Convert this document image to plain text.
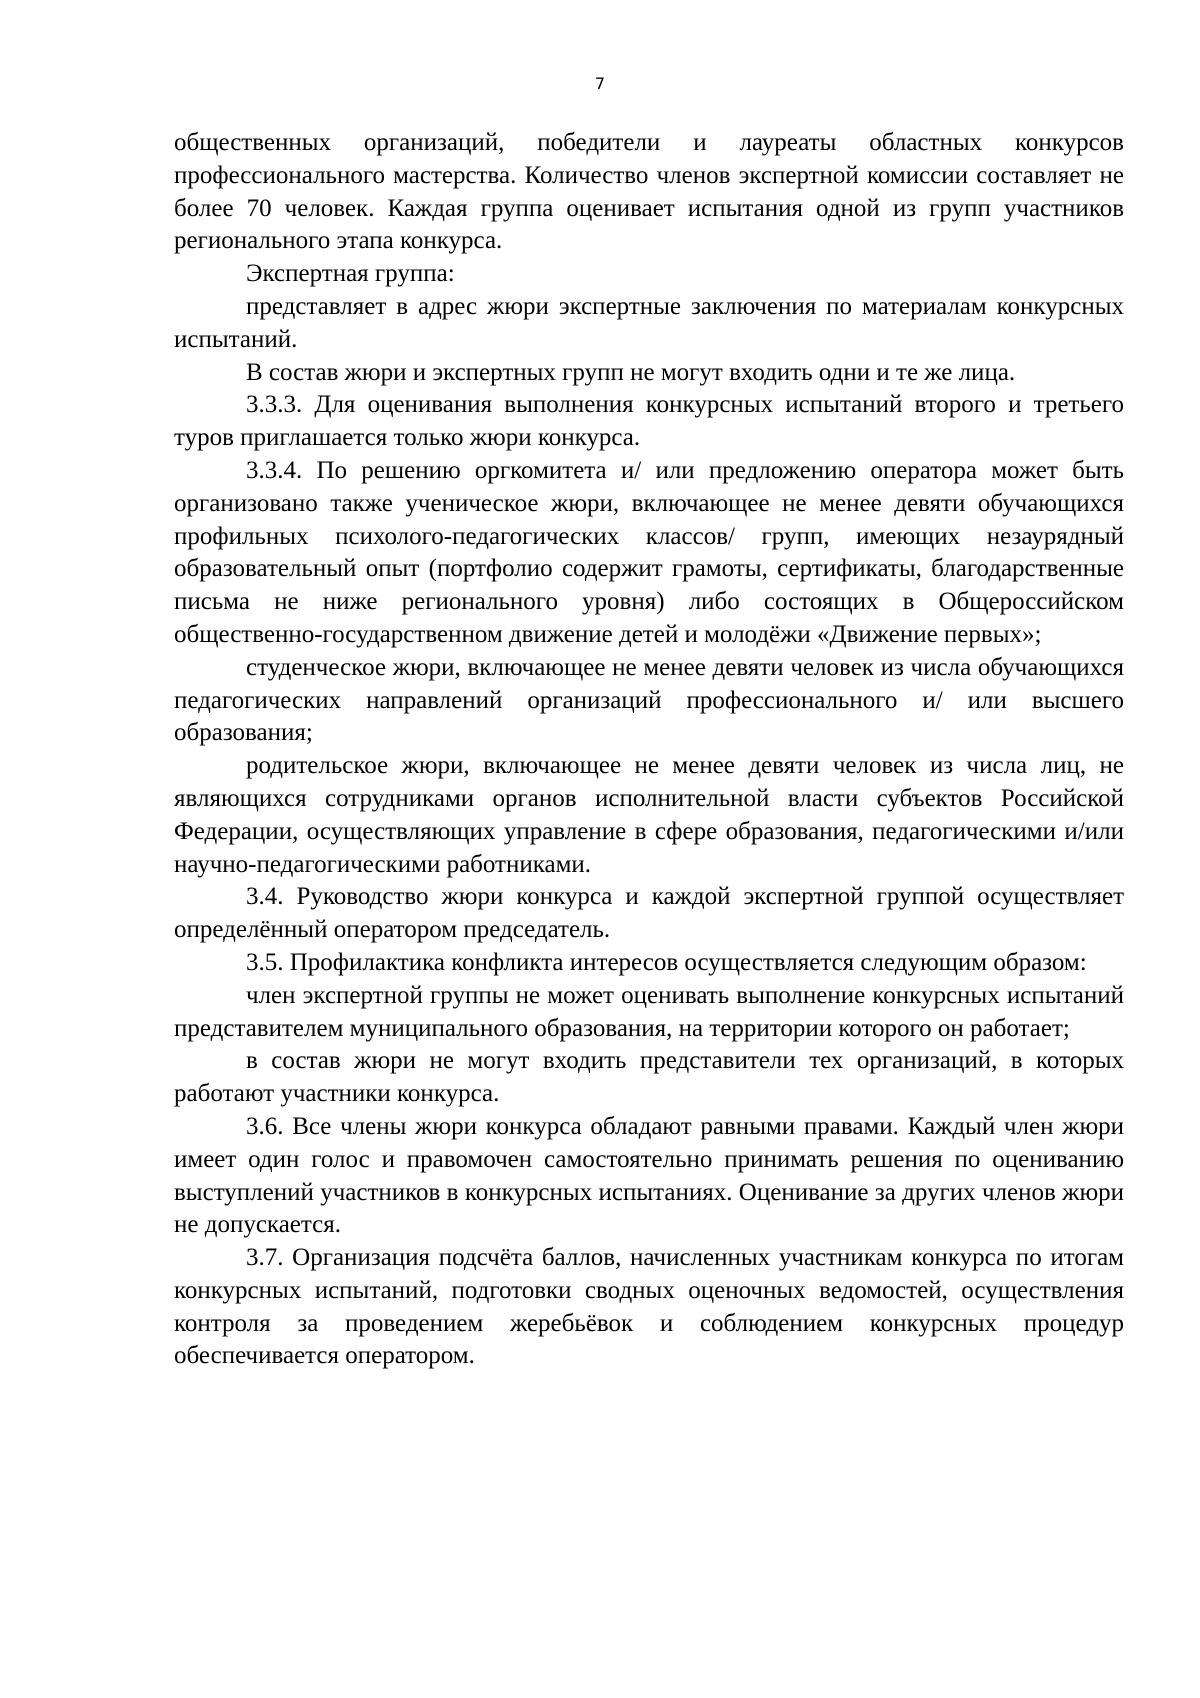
7

общественных организаций, победители и лауреаты областных конкурсов профессионального мастерства. Количество членов экспертной комиссии составляет не более 70 человек. Каждая группа оценивает испытания одной из групп участников регионального этапа конкурса.

Экспертная группа:

представляет в адрес жюри экспертные заключения по материалам конкурсных испытаний.

В состав жюри и экспертных групп не могут входить одни и те же лица.

3.3.3. Для оценивания выполнения конкурсных испытаний второго и третьего туров приглашается только жюри конкурса.

3.3.4. По решению оргкомитета и/ или предложению оператора может быть организовано также ученическое жюри, включающее не менее девяти обучающихся профильных психолого-педагогических классов/ групп, имеющих незаурядный образовательный опыт (портфолио содержит грамоты, сертификаты, благодарственные письма не ниже регионального уровня) либо состоящих в Общероссийском общественно-государственном движение детей и молодёжи «Движение первых»;

студенческое жюри, включающее не менее девяти человек из числа обучающихся педагогических направлений организаций профессионального и/ или высшего образования;

родительское жюри, включающее не менее девяти человек из числа лиц, не являющихся сотрудниками органов исполнительной власти субъектов Российской Федерации, осуществляющих управление в сфере образования, педагогическими и/или научно-педагогическими работниками.

3.4. Руководство жюри конкурса и каждой экспертной группой осуществляет определённый оператором председатель.

3.5. Профилактика конфликта интересов осуществляется следующим образом:

член экспертной группы не может оценивать выполнение конкурсных испытаний представителем муниципального образования, на территории которого он работает;

в состав жюри не могут входить представители тех организаций, в которых работают участники конкурса.

3.6. Все члены жюри конкурса обладают равными правами. Каждый член жюри имеет один голос и правомочен самостоятельно принимать решения по оцениванию выступлений участников в конкурсных испытаниях. Оценивание за других членов жюри не допускается.

3.7. Организация подсчёта баллов, начисленных участникам конкурса по итогам конкурсных испытаний, подготовки сводных оценочных ведомостей, осуществления контроля за проведением жеребьёвок и соблюдением конкурсных процедур обеспечивается оператором.
